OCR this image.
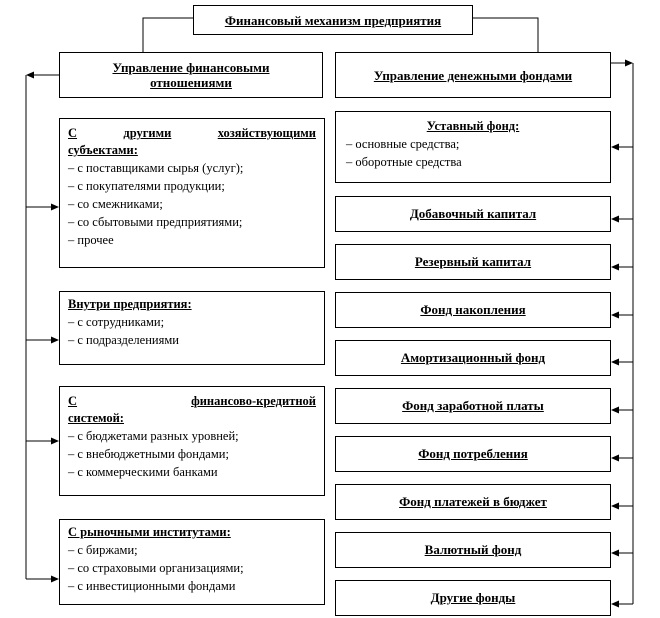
Финансовый механизм предприятия
Управление финансовыми отношениями	Управление денежными фондами
С	другими	хозяйствующими
субъектами:
– с поставщиками сырья (услуг);
– с покупателями продукции;
– со смежниками;
– со сбытовыми предприятиями;
– прочее
Внутри предприятия:
– с сотрудниками;
– с подразделениями
С	финансово-кредитной
системой:
– с бюджетами разных уровней;
– с внебюджетными фондами;
– с коммерческими банками
С рыночными институтами:
– с биржами;
– со страховыми организациями;
– с инвестиционными фондами
Уставный фонд:
– основные средства;
– оборотные средства
Добавочный капитал
Резервный капитал
Фонд накопления
Амортизационный фонд
Фонд заработной платы
Фонд потребления
Фонд платежей в бюджет
Валютный фонд
Другие фонды
